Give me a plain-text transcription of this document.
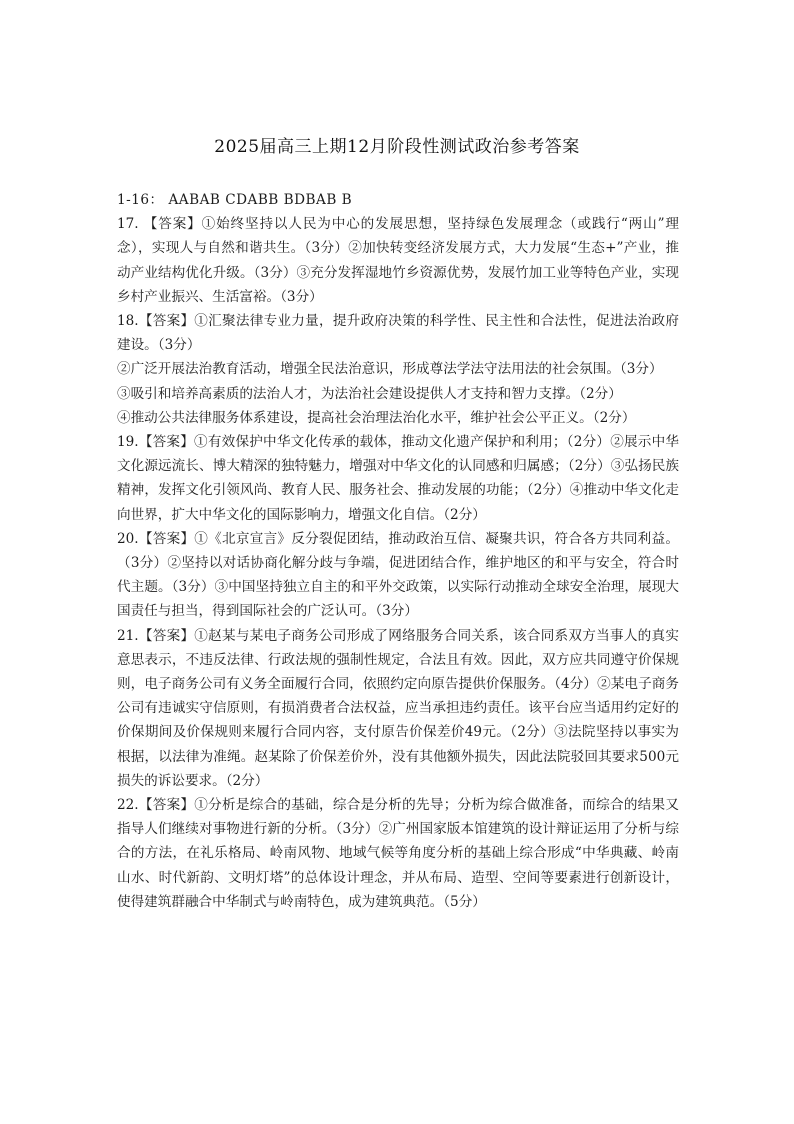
2025届高三上期12月阶段性测试政治参考答案

1-16： AABAB CDABB BDBAB B

17. 【答案】①始终坚持以人民为中心的发展思想，坚持绿色发展理念（或践行“两山”理念），实现人与自然和谐共生。（3分）②加快转变经济发展方式，大力发展“生态+”产业，推动产业结构优化升级。（3分）③充分发挥湿地竹乡资源优势，发展竹加工业等特色产业，实现乡村产业振兴、生活富裕。（3分）

18.【答案】①汇聚法律专业力量，提升政府决策的科学性、民主性和合法性，促进法治政府建设。（3分）

②广泛开展法治教育活动，增强全民法治意识，形成尊法学法守法用法的社会氛围。（3分）

③吸引和培养高素质的法治人才，为法治社会建设提供人才支持和智力支撑。（2分）

④推动公共法律服务体系建设，提高社会治理法治化水平，维护社会公平正义。（2分）

19.【答案】①有效保护中华文化传承的载体，推动文化遗产保护和利用；（2分）②展示中华文化源远流长、博大精深的独特魅力，增强对中华文化的认同感和归属感；（2分）③弘扬民族精神，发挥文化引领风尚、教育人民、服务社会、推动发展的功能；（2分）④推动中华文化走向世界，扩大中华文化的国际影响力，增强文化自信。（2分）

20.【答案】①《北京宣言》反分裂促团结，推动政治互信、凝聚共识，符合各方共同利益。（3分）②坚持以对话协商化解分歧与争端，促进团结合作，维护地区的和平与安全，符合时代主题。（3分）③中国坚持独立自主的和平外交政策，以实际行动推动全球安全治理，展现大国责任与担当，得到国际社会的广泛认可。（3分）

21.【答案】①赵某与某电子商务公司形成了网络服务合同关系，该合同系双方当事人的真实意思表示，不违反法律、行政法规的强制性规定，合法且有效。因此，双方应共同遵守价保规则，电子商务公司有义务全面履行合同，依照约定向原告提供价保服务。（4分）②某电子商务公司有违诚实守信原则，有损消费者合法权益，应当承担违约责任。该平台应当适用约定好的价保期间及价保规则来履行合同内容，支付原告价保差价49元。（2分）③法院坚持以事实为根据，以法律为准绳。赵某除了价保差价外，没有其他额外损失，因此法院驳回其要求500元损失的诉讼要求。（2分）

22.【答案】①分析是综合的基础，综合是分析的先导；分析为综合做准备，而综合的结果又指导人们继续对事物进行新的分析。（3分）②广州国家版本馆建筑的设计辩证运用了分析与综合的方法，在礼乐格局、岭南风物、地域气候等角度分析的基础上综合形成“中华典藏、岭南山水、时代新韵、文明灯塔”的总体设计理念，并从布局、造型、空间等要素进行创新设计，使得建筑群融合中华制式与岭南特色，成为建筑典范。（5分）
